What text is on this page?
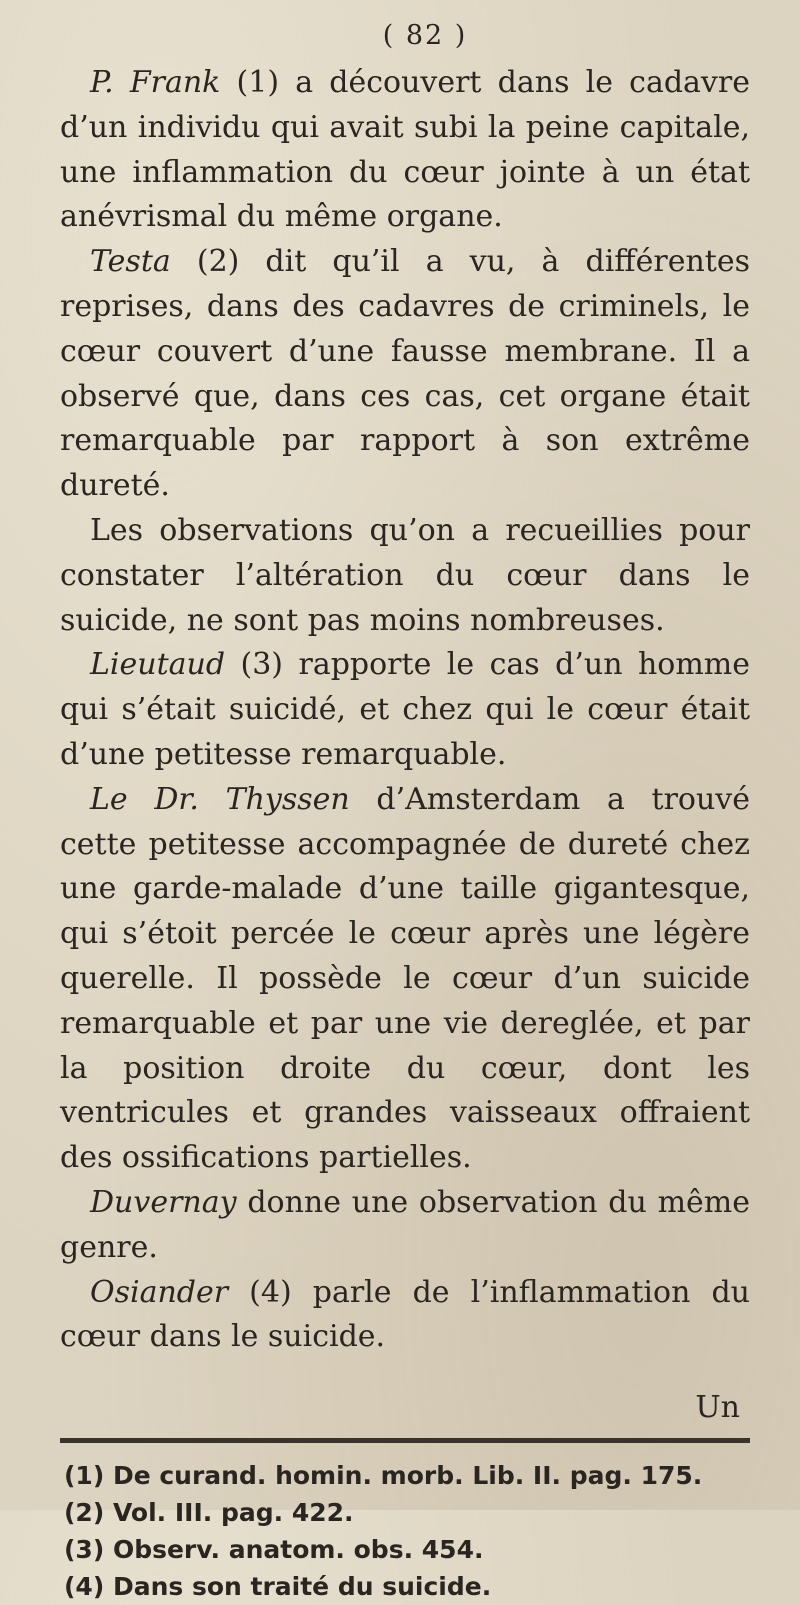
( 82 )

P. Frank (1) a découvert dans le cadavre d’un individu qui avait subi la peine capitale, une inflammation du cœur jointe à un état anévrismal du même organe.

Testa (2) dit qu’il a vu, à différentes reprises, dans des cadavres de criminels, le cœur couvert d’une fausse membrane. Il a observé que, dans ces cas, cet organe était remarquable par rapport à son extrême dureté.

Les observations qu’on a recueillies pour constater l’altération du cœur dans le suicide, ne sont pas moins nombreuses.

Lieutaud (3) rapporte le cas d’un homme qui s’était suicidé, et chez qui le cœur était d’une petitesse remarquable.

Le Dr. Thyssen d’Amsterdam a trouvé cette petitesse accompagnée de dureté chez une garde-malade d’une taille gigantesque, qui s’étoit percée le cœur après une légère querelle. Il possède le cœur d’un suicide remarquable et par une vie dereglée, et par la position droite du cœur, dont les ventricules et grandes vaisseaux offraient des ossifications partielles.

Duvernay donne une observation du même genre.

Osiander (4) parle de l’inflammation du cœur dans le suicide.

Un

(1) De curand. homin. morb. Lib. II. pag. 175.

(2) Vol. III. pag. 422.

(3) Observ. anatom. obs. 454.

(4) Dans son traité du suicide.
